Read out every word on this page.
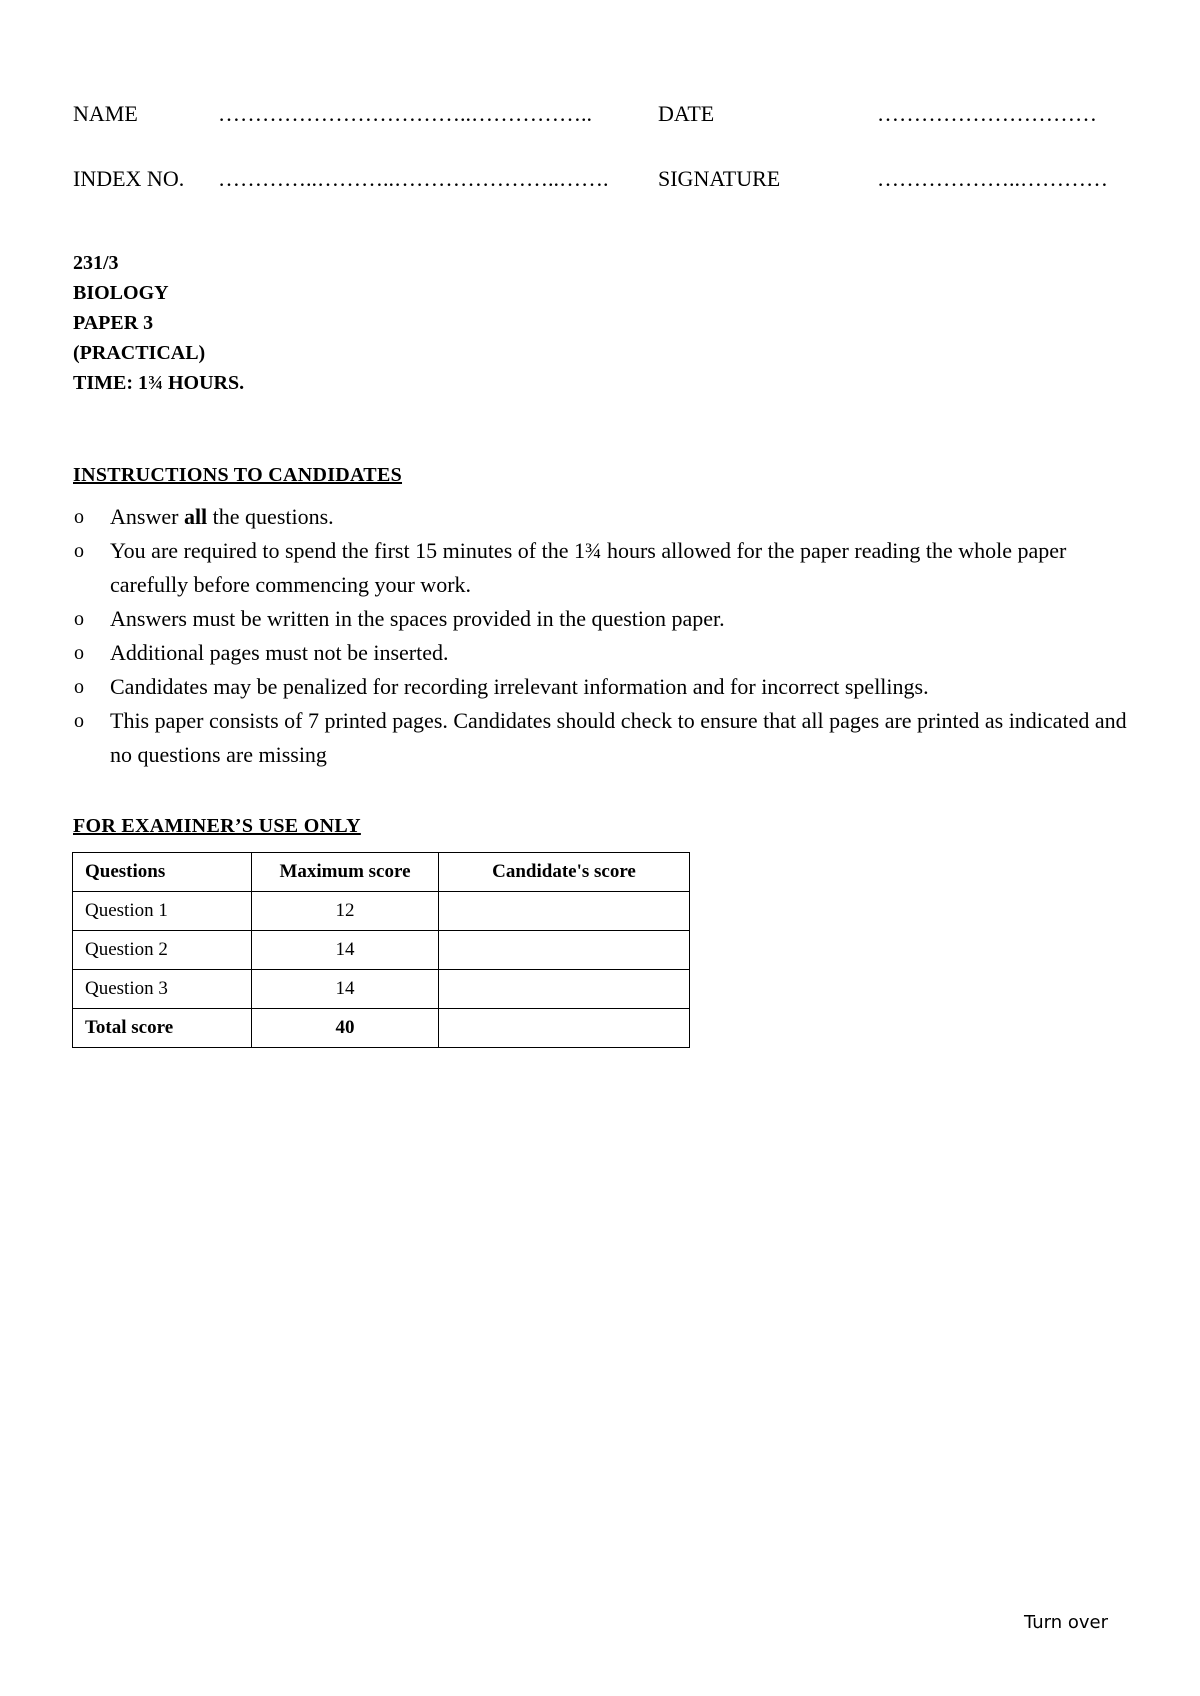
NAME	……………………………..……………..	DATE	…………………………
INDEX NO. …………..………..…………………..……. SIGNATURE	………………..…………
231/3
BIOLOGY
PAPER 3
(PRACTICAL)
TIME: 1¾ HOURS.
INSTRUCTIONS TO CANDIDATES
o Answer all the questions.
o You are required to spend the first 15 minutes of the 1¾ hours allowed for the paper reading the whole paper carefully before commencing your work.
o Answers must be written in the spaces provided in the question paper.
o Additional pages must not be inserted.
o Candidates may be penalized for recording irrelevant information and for incorrect spellings.
o This paper consists of 7 printed pages. Candidates should check to ensure that all pages are printed as indicated and no questions are missing
FOR EXAMINER’S USE ONLY
Questions	Maximum score	Candidate's score
Question 1	12	
Question 2	14	
Question 3	14	
Total score	40	
Turn over
